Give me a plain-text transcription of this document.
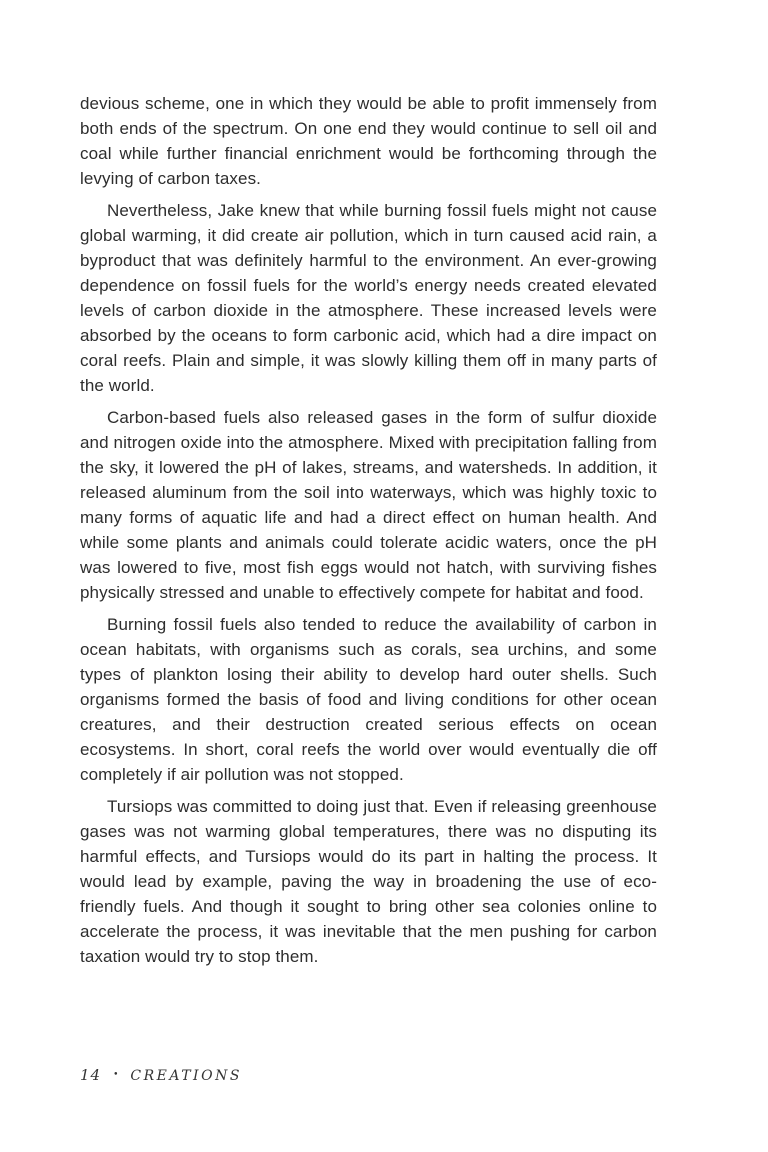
devious scheme, one in which they would be able to profit immensely from both ends of the spectrum. On one end they would continue to sell oil and coal while further financial enrichment would be forthcoming through the levying of carbon taxes.

Nevertheless, Jake knew that while burning fossil fuels might not cause global warming, it did create air pollution, which in turn caused acid rain, a byproduct that was definitely harmful to the environment. An ever-growing dependence on fossil fuels for the world’s energy needs created elevated levels of carbon dioxide in the atmosphere. These increased levels were absorbed by the oceans to form carbonic acid, which had a dire impact on coral reefs. Plain and simple, it was slowly killing them off in many parts of the world.

Carbon-based fuels also released gases in the form of sulfur dioxide and nitrogen oxide into the atmosphere. Mixed with precipitation falling from the sky, it lowered the pH of lakes, streams, and watersheds. In addition, it released aluminum from the soil into waterways, which was highly toxic to many forms of aquatic life and had a direct effect on human health. And while some plants and animals could tolerate acidic waters, once the pH was lowered to five, most fish eggs would not hatch, with surviving fishes physically stressed and unable to effectively compete for habitat and food.

Burning fossil fuels also tended to reduce the availability of carbon in ocean habitats, with organisms such as corals, sea urchins, and some types of plankton losing their ability to develop hard outer shells. Such organisms formed the basis of food and living conditions for other ocean creatures, and their destruction created serious effects on ocean ecosystems. In short, coral reefs the world over would eventually die off completely if air pollution was not stopped.

Tursiops was committed to doing just that. Even if releasing greenhouse gases was not warming global temperatures, there was no disputing its harmful effects, and Tursiops would do its part in halting the process. It would lead by example, paving the way in broadening the use of eco-friendly fuels. And though it sought to bring other sea colonies online to accelerate the process, it was inevitable that the men pushing for carbon taxation would try to stop them.

14 • CREATIONS
